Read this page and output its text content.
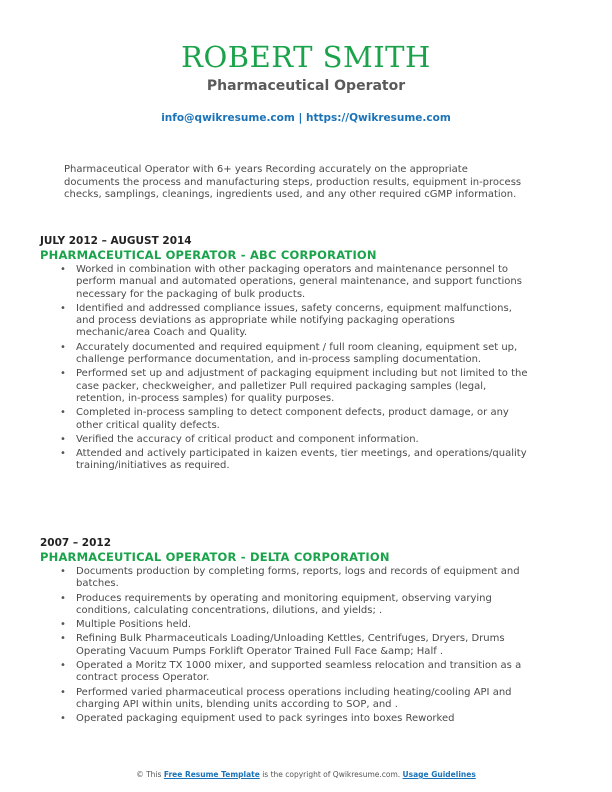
ROBERT SMITH
Pharmaceutical Operator
info@qwikresume.com | https://Qwikresume.com
Pharmaceutical Operator with 6+ years Recording accurately on the appropriate documents the process and manufacturing steps, production results, equipment in-process checks, samplings, cleanings, ingredients used, and any other required cGMP information.
JULY 2012 – AUGUST 2014
PHARMACEUTICAL OPERATOR - ABC CORPORATION
• Worked in combination with other packaging operators and maintenance personnel to perform manual and automated operations, general maintenance, and support functions necessary for the packaging of bulk products.
• Identified and addressed compliance issues, safety concerns, equipment malfunctions, and process deviations as appropriate while notifying packaging operations mechanic/area Coach and Quality.
• Accurately documented and required equipment / full room cleaning, equipment set up, challenge performance documentation, and in-process sampling documentation.
• Performed set up and adjustment of packaging equipment including but not limited to the case packer, checkweigher, and palletizer Pull required packaging samples (legal, retention, in-process samples) for quality purposes.
• Completed in-process sampling to detect component defects, product damage, or any other critical quality defects.
• Verified the accuracy of critical product and component information.
• Attended and actively participated in kaizen events, tier meetings, and operations/quality training/initiatives as required.
2007 – 2012
PHARMACEUTICAL OPERATOR - DELTA CORPORATION
• Documents production by completing forms, reports, logs and records of equipment and batches.
• Produces requirements by operating and monitoring equipment, observing varying conditions, calculating concentrations, dilutions, and yields; .
• Multiple Positions held.
• Refining Bulk Pharmaceuticals Loading/Unloading Kettles, Centrifuges, Dryers, Drums Operating Vacuum Pumps Forklift Operator Trained Full Face &amp; Half .
• Operated a Moritz TX 1000 mixer, and supported seamless relocation and transition as a contract process Operator.
• Performed varied pharmaceutical process operations including heating/cooling API and charging API within units, blending units according to SOP, and .
• Operated packaging equipment used to pack syringes into boxes Reworked
© This Free Resume Template is the copyright of Qwikresume.com. Usage Guidelines
